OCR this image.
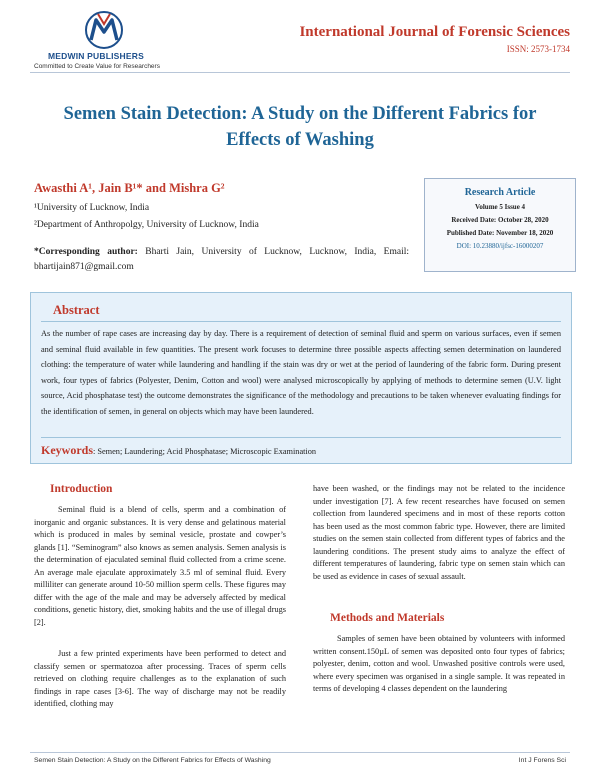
MEDWIN PUBLISHERS
Committed to Create Value for Researchers
International Journal of Forensic Sciences
ISSN: 2573-1734
Semen Stain Detection: A Study on the Different Fabrics for Effects of Washing
Awasthi A¹, Jain B¹* and Mishra G²
¹University of Lucknow, India
²Department of Anthropolgy, University of Lucknow, India
*Corresponding author: Bharti Jain, University of Lucknow, Lucknow, India, Email: bhartijain871@gmail.com
Research Article
Volume 5 Issue 4
Received Date: October 28, 2020
Published Date: November 18, 2020
DOI: 10.23880/ijfsc-16000207
Abstract
As the number of rape cases are increasing day by day. There is a requirement of detection of seminal fluid and sperm on various surfaces, even if semen and seminal fluid available in few quantities. The present work focuses to determine three possible aspects affecting semen determination on laundered clothing: the temperature of water while laundering and handling if the stain was dry or wet at the period of laundering of the fabric form. During present work, four types of fabrics (Polyester, Denim, Cotton and wool) were analysed microscopically by applying of methods to determine semen (U.V. light source, Acid phosphatase test) the outcome demonstrates the significance of the methodology and precautions to be taken whenever evaluating findings for the identification of semen, in general on objects which may have been laundered.
Keywords: Semen; Laundering; Acid Phosphatase; Microscopic Examination
Introduction
Seminal fluid is a blend of cells, sperm and a combination of inorganic and organic substances. It is very dense and gelatinous material which is produced in males by seminal vesicle, prostate and cowper’s glands [1]. “Seminogram” also knows as semen analysis. Semen analysis is the determination of ejaculated seminal fluid collected from a crime scene. An average male ejaculate approximately 3.5 ml of seminal fluid. Every milliliter can generate around 10-50 million sperm cells. These figures may differ with the age of the male and may be adversely affected by medical conditions, genetic history, diet, smoking habits and the use of illegal drugs [2].
Just a few printed experiments have been performed to detect and classify semen or spermatozoa after processing. Traces of sperm cells retrieved on clothing require challenges as to the explanation of such findings in rape cases [3-6]. The way of discharge may not be readily identified, clothing may
have been washed, or the findings may not be related to the incidence under investigation [7]. A few recent researches have focused on semen collection from laundered specimens and in most of these reports cotton has been used as the most common fabric type. However, there are limited studies on the semen stain collected from different types of fabrics and the laundering conditions. The present study aims to analyze the effect of different temperatures of laundering, fabric type on semen stain which can be used as evidence in cases of sexual assault.
Methods and Materials
Samples of semen have been obtained by volunteers with informed written consent.150µL of semen was deposited onto four types of fabrics; polyester, denim, cotton and wool. Unwashed positive controls were used, where every specimen was organised in a single sample. It was repeated in terms of developing 4 classes dependent on the laundering
Semen Stain Detection: A Study on the Different Fabrics for Effects of Washing	Int J Forens Sci
